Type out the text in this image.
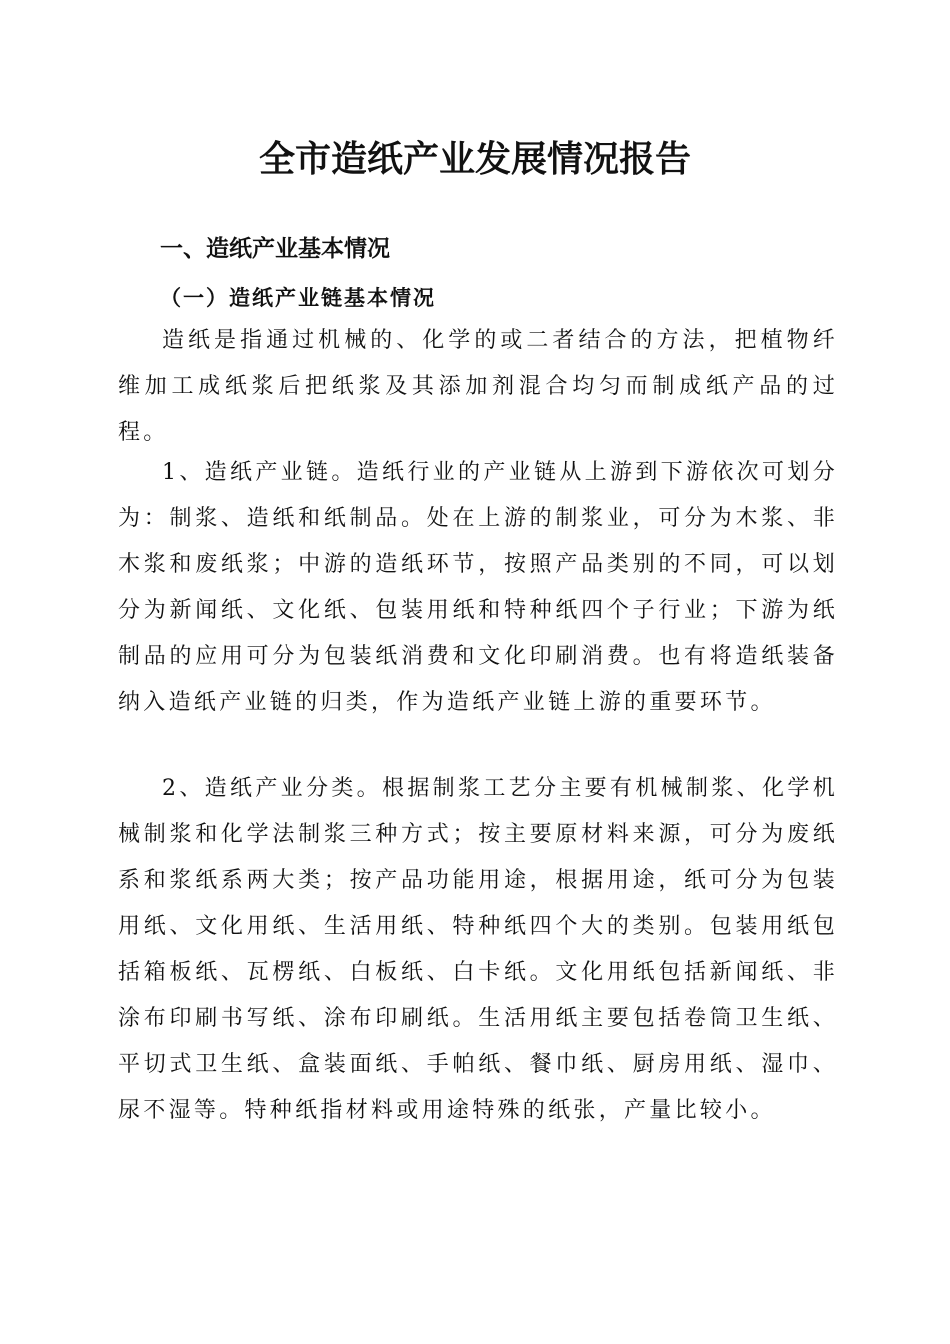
全市造纸产业发展情况报告
一、造纸产业基本情况
（一）造纸产业链基本情况

造纸是指通过机械的、化学的或二者结合的方法，把植物纤维加工成纸浆后把纸浆及其添加剂混合均匀而制成纸产品的过程。

1、造纸产业链。造纸行业的产业链从上游到下游依次可划分为：制浆、造纸和纸制品。处在上游的制浆业，可分为木浆、非木浆和废纸浆；中游的造纸环节，按照产品类别的不同，可以划分为新闻纸、文化纸、包装用纸和特种纸四个子行业；下游为纸制品的应用可分为包装纸消费和文化印刷消费。也有将造纸装备纳入造纸产业链的归类，作为造纸产业链上游的重要环节。

2、造纸产业分类。根据制浆工艺分主要有机械制浆、化学机械制浆和化学法制浆三种方式；按主要原材料来源，可分为废纸系和浆纸系两大类；按产品功能用途，根据用途，纸可分为包装用纸、文化用纸、生活用纸、特种纸四个大的类别。包装用纸包括箱板纸、瓦楞纸、白板纸、白卡纸。文化用纸包括新闻纸、非涂布印刷书写纸、涂布印刷纸。生活用纸主要包括卷筒卫生纸、平切式卫生纸、盒装面纸、手帕纸、餐巾纸、厨房用纸、湿巾、尿不湿等。特种纸指材料或用途特殊的纸张，产量比较小。
